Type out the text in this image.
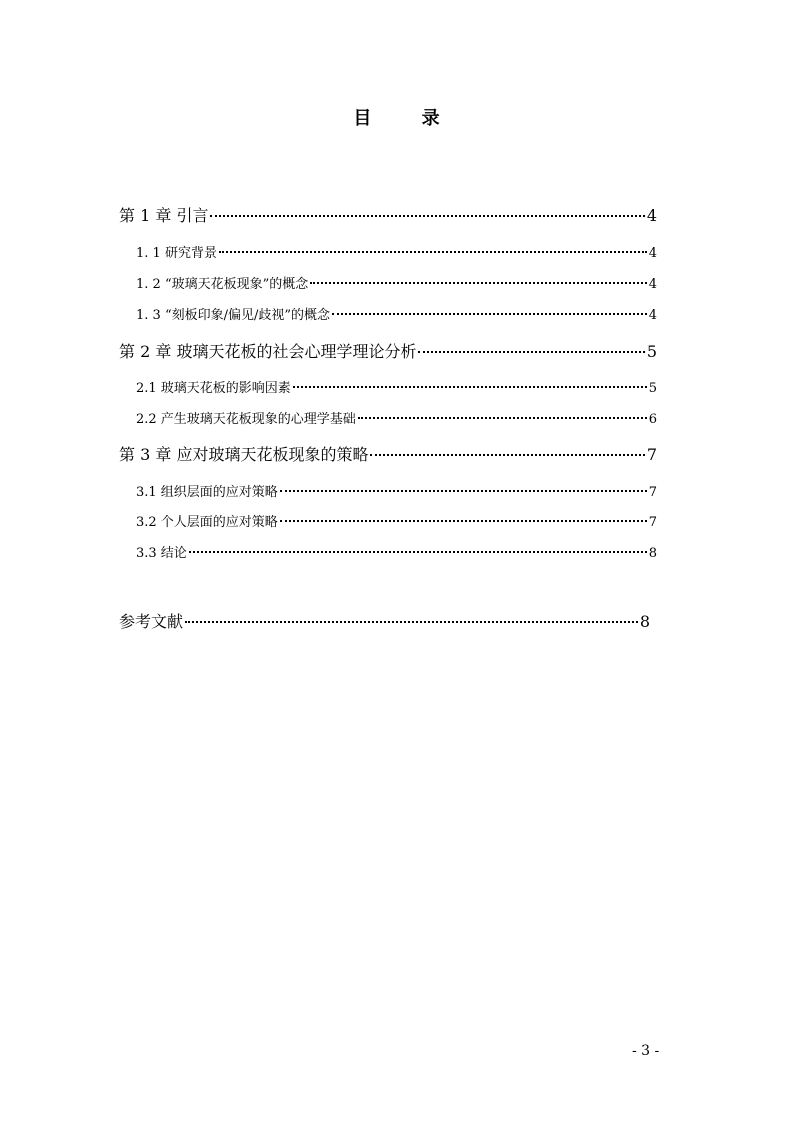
目 录
第 1 章 引言	4
1. 1 研究背景	4
1. 2 “玻璃天花板现象”的概念	4
1. 3 “刻板印象/偏见/歧视”的概念	4
第 2 章 玻璃天花板的社会心理学理论分析	5
2.1 玻璃天花板的影响因素	5
2.2 产生玻璃天花板现象的心理学基础	6
第 3 章 应对玻璃天花板现象的策略	7
3.1 组织层面的应对策略	7
3.2 个人层面的应对策略	7
3.3 结论	8
参考文献	8
- 3 -
